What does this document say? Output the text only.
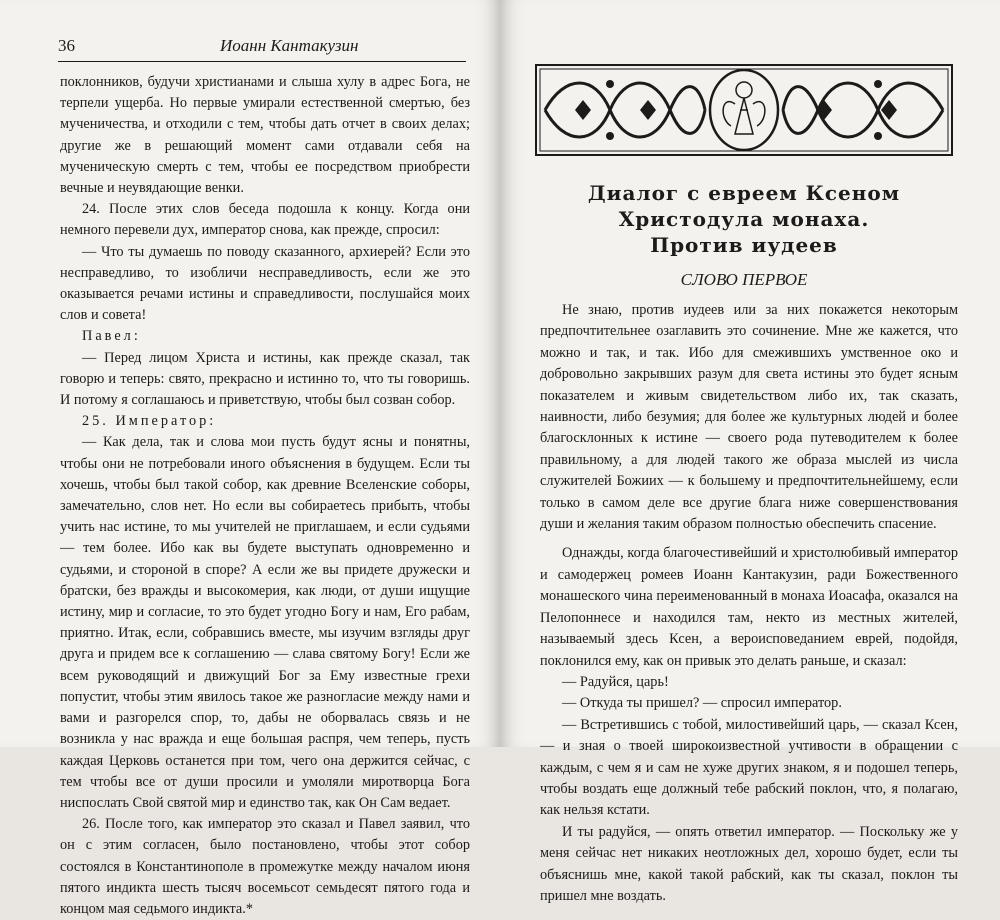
36	Иоанн Кантакузин

поклонников, будучи христианами и слыша хулу в адрес Бога, не терпели ущерба. Но первые умирали естественной смертью, без мученичества, и отходили с тем, чтобы дать отчет в своих делах; другие же в решающий момент сами отдавали себя на мученическую смерть с тем, чтобы ее посредством приобрести вечные и неувядающие венки.

24. После этих слов беседа подошла к концу. Когда они немного перевели дух, император снова, как прежде, спросил:

— Что ты думаешь по поводу сказанного, архиерей? Если это несправедливо, то изобличи несправедливость, если же это оказывается речами истины и справедливости, послушайся моих слов и совета!

Павел:

— Перед лицом Христа и истины, как прежде сказал, так говорю и теперь: свято, прекрасно и истинно то, что ты говоришь. И потому я соглашаюсь и приветствую, чтобы был созван собор.

25. Император:

— Как дела, так и слова мои пусть будут ясны и понятны, чтобы они не потребовали иного объяснения в будущем. Если ты хочешь, чтобы был такой собор, как древние Вселенские соборы, замечательно, слов нет. Но если вы собираетесь прибыть, чтобы учить нас истине, то мы учителей не приглашаем, и если судьями — тем более. Ибо как вы будете выступать одновременно и судьями, и стороной в споре? А если же вы придете дружески и братски, без вражды и высокомерия, как люди, от души ищущие истину, мир и согласие, то это будет угодно Богу и нам, Его рабам, приятно. Итак, если, собравшись вместе, мы изучим взгляды друг друга и придем все к соглашению — слава святому Богу! Если же всем руководящий и движущий Бог за Ему известные грехи попустит, чтобы этим явилось такое же разногласие между нами и вами и разгорелся спор, то, дабы не оборвалась связь и не возникла у нас вражда и еще большая распря, чем теперь, пусть каждая Церковь останется при том, чего она держится сейчас, с тем чтобы все от души просили и умоляли миротворца Бога ниспослать Свой святой мир и единство так, как Он Сам ведает.

26. После того, как император это сказал и Павел заявил, что он с этим согласен, было постановлено, чтобы этот собор состоялся в Константинополе в промежутке между началом июня пятого индикта шесть тысяч восемьсот семьдесят пятого года и концом мая седьмого индикта.*

Диалог с евреем Ксеном
Христодула монаха.
Против иудеев
СЛОВО ПЕРВОЕ

Не знаю, против иудеев или за них покажется некоторым предпочтительнее озаглавить это сочинение. Мне же кажется, что можно и так, и так. Ибо для смежившихъ умственное око и добровольно закрывших разум для света истины это будет ясным показателем и живым свидетельством либо их, так сказать, наивности, либо безумия; для более же культурных людей и более благосклонных к истине — своего рода путеводителем к более правильному, а для людей такого же образа мыслей из числа служителей Божиих — к большему и предпочтительнейшему, если только в самом деле все другие блага ниже совершенствования души и желания таким образом полностью обеспечить спасение.

Однажды, когда благочестивейший и христолюбивый император и самодержец ромеев Иоанн Кантакузин, ради Божественного монашеского чина переименованный в монаха Иоасафа, оказался на Пелопоннесе и находился там, некто из местных жителей, называемый здесь Ксен, а вероисповеданием еврей, подойдя, поклонился ему, как он привык это делать раньше, и сказал:

— Радуйся, царь!

— Откуда ты пришел? — спросил император.

— Встретившись с тобой, милостивейший царь, — сказал Ксен, — и зная о твоей широкоизвестной учтивости в обращении с каждым, с чем я и сам не хуже других знаком, я и подошел теперь, чтобы воздать еще должный тебе рабский поклон, что, я полагаю, как нельзя кстати.

И ты радуйся, — опять ответил император. — Поскольку же у меня сейчас нет никаких неотложных дел, хорошо будет, если ты объяснишь мне, какой такой рабский, как ты сказал, поклон ты пришел мне воздать.
